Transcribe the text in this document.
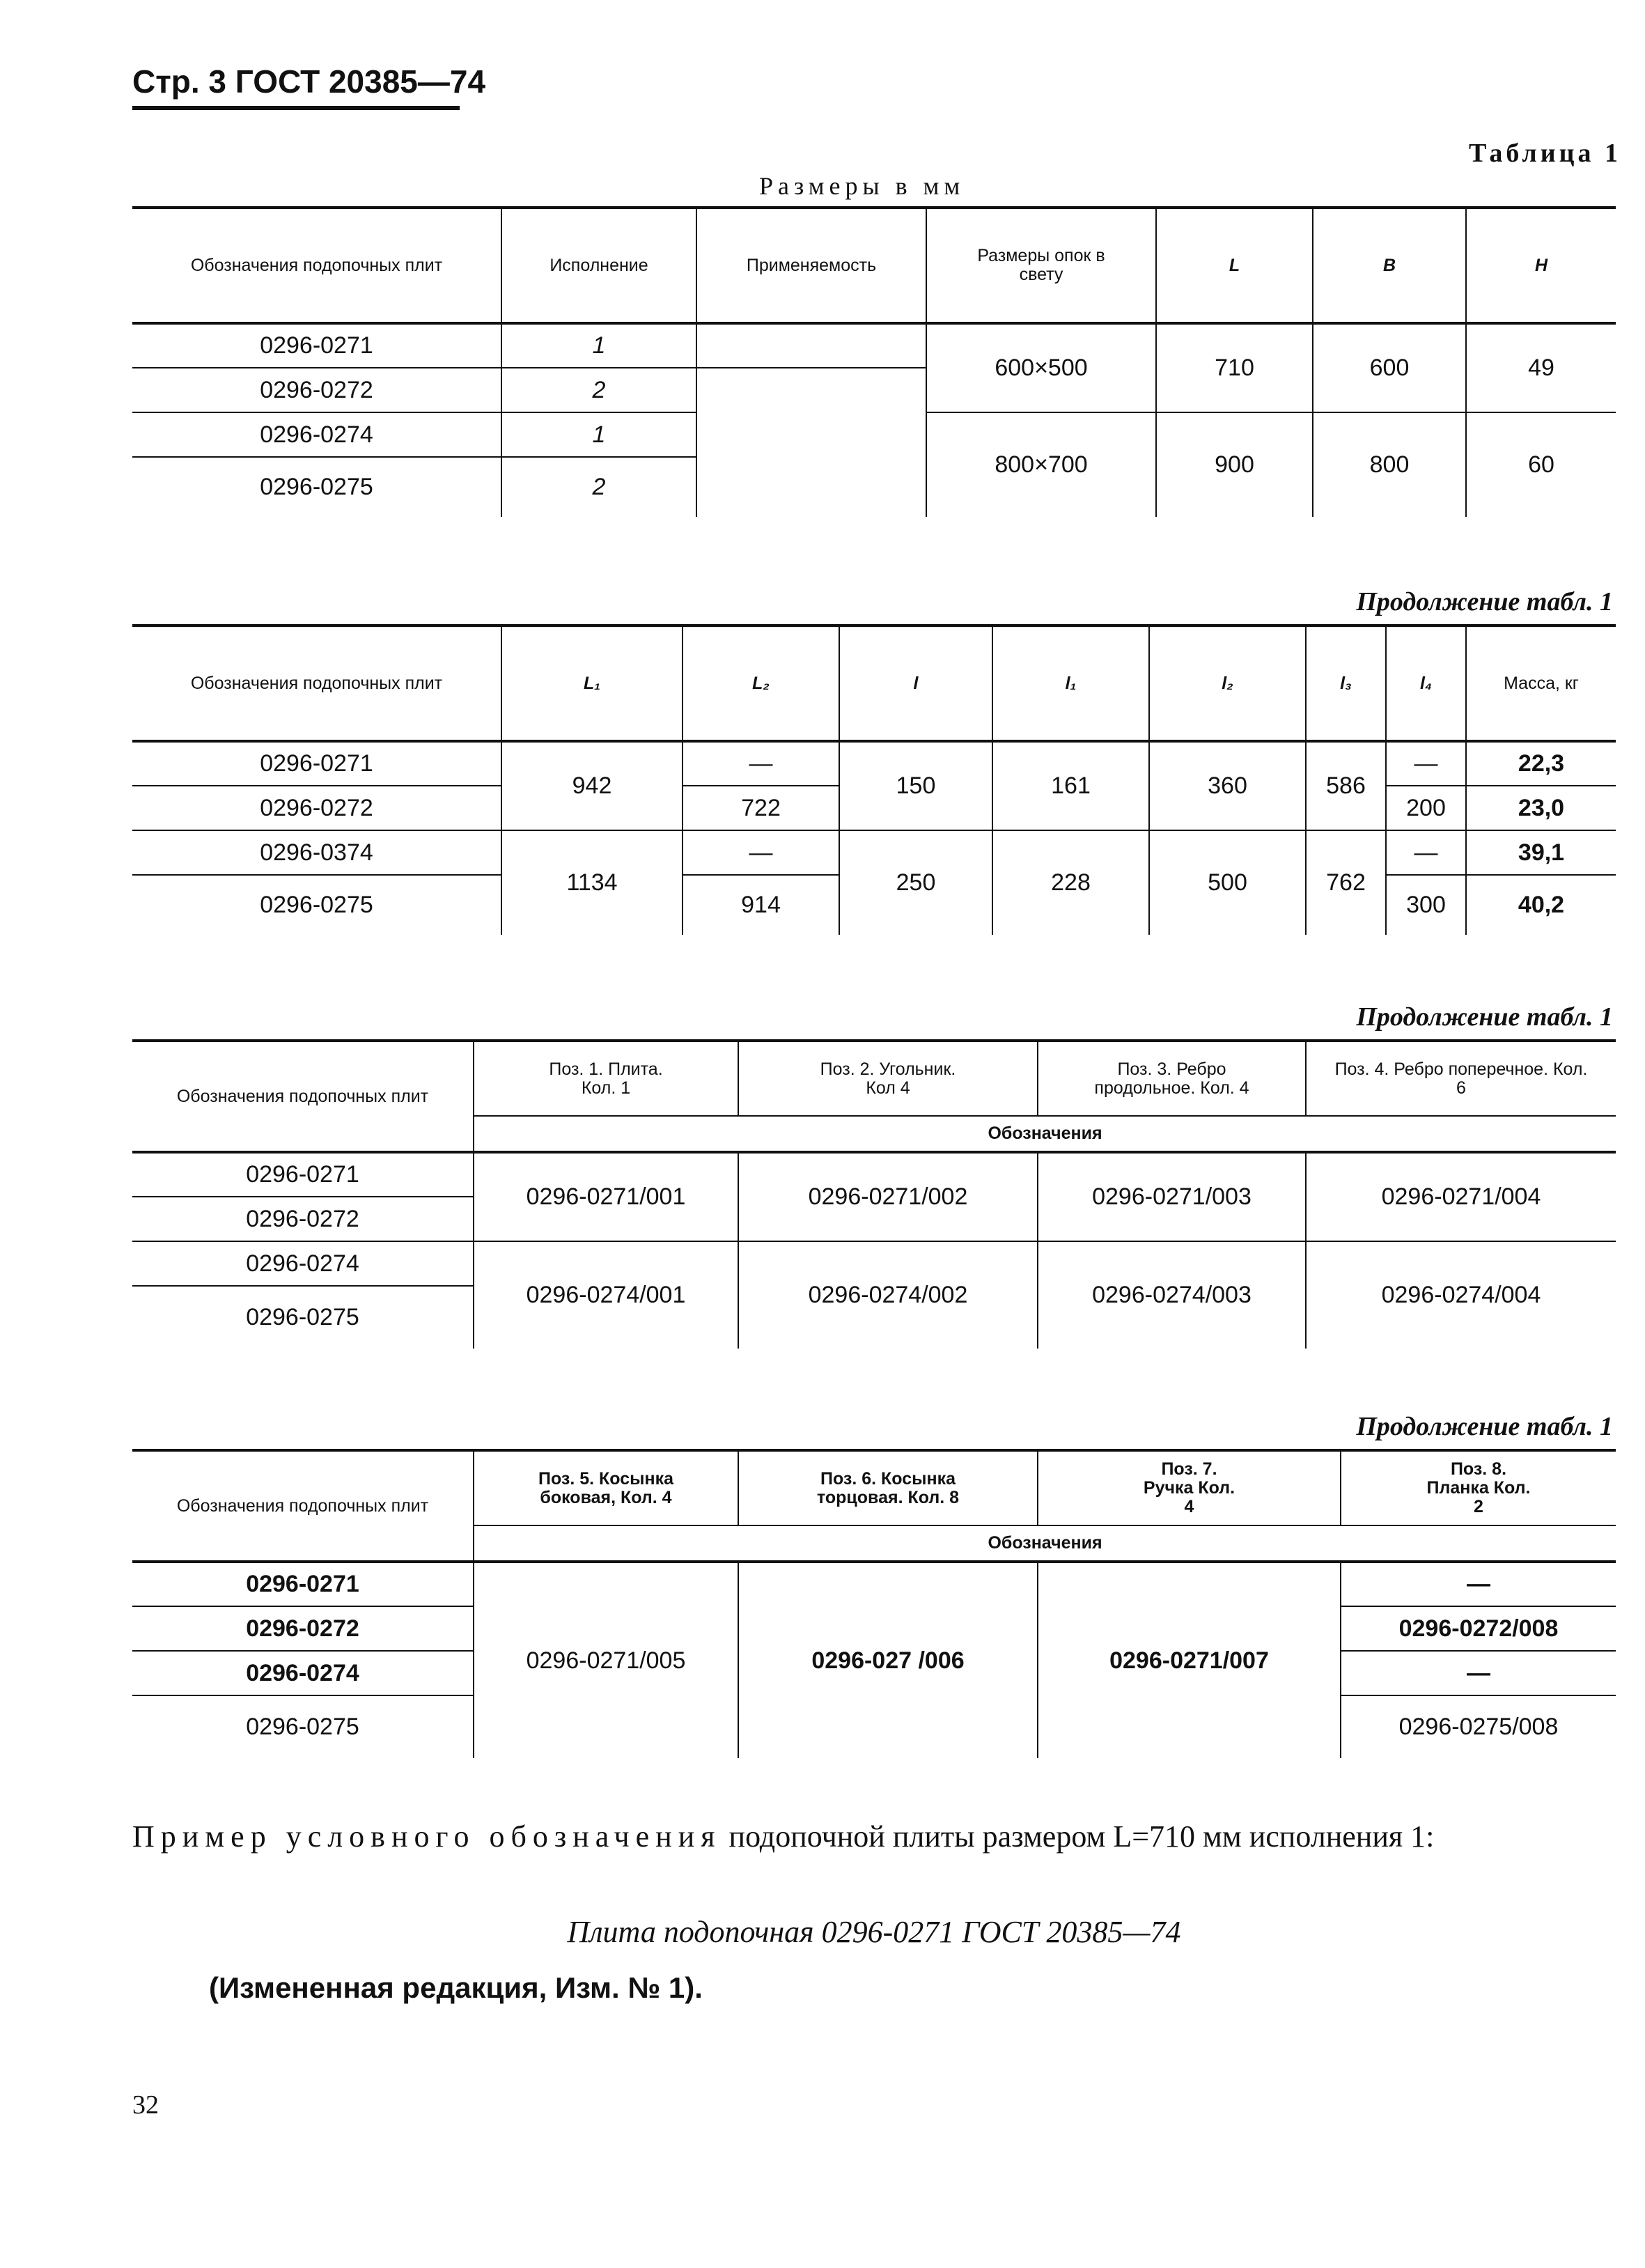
Стр. 3 ГОСТ 20385—74
Таблица 1
Размеры в мм
Обозначения подопочных плит	Исполнение	Применяемость	Размеры опок в свету	L	B	H
0296-0271	1		600×500	710	600	49
0296-0272	2					
0296-0274	1		800×700	900	800	60
0296-0275	2					
Продолжение табл. 1
Обозначения подопочных плит	L₁	L₂	l	l₁	l₂	l₃	l₄	Масса, кг
0296-0271	942	—	150	161	360	586	—	22,3
0296-0272		722					200	23,0
0296-0374	1134	—	250	228	500	762	—	39,1
0296-0275		914					300	40,2
Продолжение табл. 1
Обозначения подопочных плит	Поз. 1. Плита. Кол. 1	Поз. 2. Угольник. Кол 4	Поз. 3. Ребро продольное. Кол. 4	Поз. 4. Ребро поперечное. Кол. 6
	Обозначения			
0296-0271	0296-0271/001	0296-0271/002	0296-0271/003	0296-0271/004
0296-0272				
0296-0274	0296-0274/001	0296-0274/002	0296-0274/003	0296-0274/004
0296-0275				
Продолжение табл. 1
Обозначения подопочных плит	Поз. 5. Косынка боковая, Кол. 4	Поз. 6. Косынка торцовая. Кол. 8	Поз. 7. Ручка Кол. 4	Поз. 8. Планка Кол. 2
	Обозначения			
0296-0271	0296-0271/005	0296-027 /006	0296-0271/007	—
0296-0272				0296-0272/008
0296-0274				—
0296-0275				0296-0275/008
Пример условного обозначения подопочной плиты размером L=710 мм исполнения 1:
Плита подопочная 0296-0271 ГОСТ 20385—74
(Измененная редакция, Изм. № 1).
32
